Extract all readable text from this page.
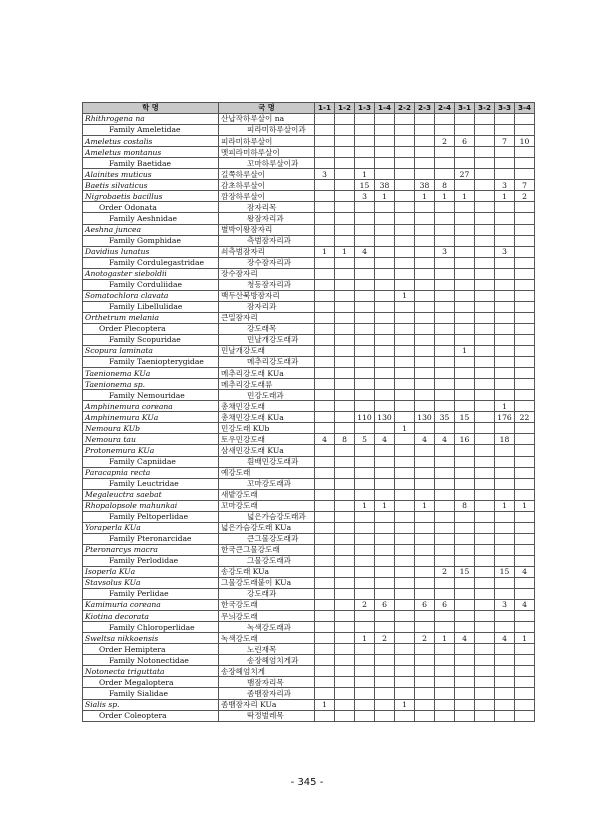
학 명	국 명	1-1	1-2	1-3	1-4	2-2	2-3	2-4	3-1	3-2	3-3	3-4
Rhithrogena na	산납작하루살이 na											
Family Ameletidae	피라미하루살이과											
Ameletus costalis	피라미하루살이							2	6		7	10
Ameletus montanus	멧피라미하루살이											
Family Baetidae	꼬마하루살이과											
Alainites muticus	길쭉하루살이	3		1					27			
Baetis silvaticus	감초하루살이			15	38		38	8			3	7
Nigrobaetis bacillus	깜장하루살이			3	1		1	1	1		1	2
Order Odonata	잠자리목											
Family Aeshnidae	왕잠자리과											
Aeshna juncea	별박이왕잠자리											
Family Gomphidae	측범잠자리과											
Davidius lunatus	쇠측범잠자리	1	1	4				3			3	
Family Cordulegastridae	장수잠자리과											
Anotogaster sieboldii	장수잠자리											
Family Corduliidae	청동잠자리과											
Somatochlora clavata	백두산북방잠자리					1						
Family Libellulidae	잠자리과											
Orthetrum melania	큰밀잠자리											
Order Plecoptera	강도래목											
Family Scopuridae	민날개강도래과											
Scopura laminata	민날개강도래								1			
Family Taeniopterygidae	메추리강도래과											
Taenionema KUa	메추리강도래 KUa											
Taenionema sp.	메추리강도래류											
Family Nemouridae	민강도래과											
Amphinemura coreana	총채민강도래										1	
Amphinemura KUa	총채민강도래 KUa			110	130		130	35	15		176	22
Nemoura KUb	민강도래 KUb					1						
Nemoura tau	토우민강도래	4	8	5	4		4	4	16		18	
Protonemura KUa	삼새민강도래 KUa											
Family Capniidae	흰배민강도래과											
Paracapnia recta	예강도래											
Family Leuctridae	꼬마강도래과											
Megaleuctra saebat	새밭강도래											
Rhopalopsole mahunkai	꼬마강도래			1	1		1		8		1	1
Family Peltoperlidae	넓은가슴강도래과											
Yoraperla KUa	넓은가슴강도래 KUa											
Family Pteronarcidae	큰그물강도래과											
Pteronarcys macra	한국큰그물강도래											
Family Perlodidae	그물강도래과											
Isoperla KUa	송강도래 KUa							2	15		15	4
Stavsolus KUa	그물강도래붙이 KUa											
Family Perlidae	강도래과											
Kamimuria coreana	한국강도래			2	6		6	6			3	4
Kiotina decorata	무늬강도래											
Family Chloroperlidae	녹색강도래과											
Sweltsa nikkoensis	녹색강도래			1	2		2	1	4		4	1
Order Hemiptera	노린재목											
Family Notonectidae	송장헤엄치게과											
Notonecta triguttata	송장헤엄치게											
Order Megaloptera	뱀잠자리목											
Family Sialidae	좀뱀잠자리과											
Sialis sp.	좀뱀잠자리 KUa	1				1						
Order Coleoptera	딱정벌레목											
- 345 -
